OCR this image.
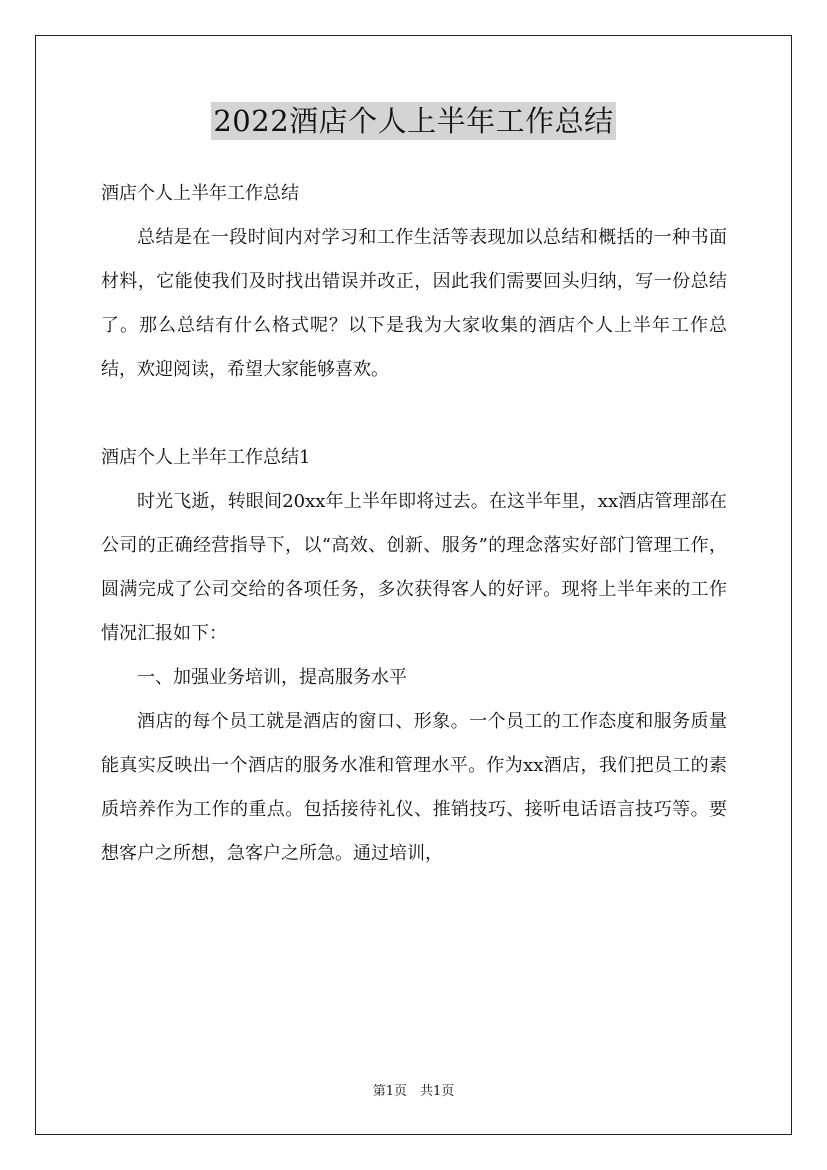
2022酒店个人上半年工作总结

酒店个人上半年工作总结

总结是在一段时间内对学习和工作生活等表现加以总结和概括的一种书面材料，它能使我们及时找出错误并改正，因此我们需要回头归纳，写一份总结了。那么总结有什么格式呢？以下是我为大家收集的酒店个人上半年工作总结，欢迎阅读，希望大家能够喜欢。

酒店个人上半年工作总结1

时光飞逝，转眼间20xx年上半年即将过去。在这半年里，xx酒店管理部在公司的正确经营指导下，以“高效、创新、服务”的理念落实好部门管理工作，圆满完成了公司交给的各项任务，多次获得客人的好评。现将上半年来的工作情况汇报如下：

一、加强业务培训，提高服务水平

酒店的每个员工就是酒店的窗口、形象。一个员工的工作态度和服务质量能真实反映出一个酒店的服务水准和管理水平。作为xx酒店，我们把员工的素质培养作为工作的重点。包括接待礼仪、推销技巧、接听电话语言技巧等。要想客户之所想，急客户之所急。通过培训，

第1页　共1页
